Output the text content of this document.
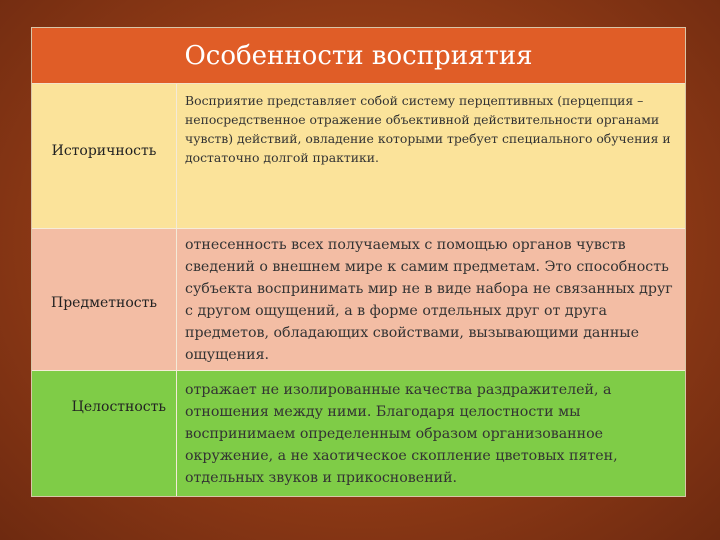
Особенности восприятия
Историчность
Восприятие представляет собой систему перцептивных (перцепция – непосредственное отражение объективной действительности органами чувств) действий, овладение которыми требует специального обучения и достаточно долгой практики.
Предметность
отнесенность всех получаемых с помощью органов чувств сведений о внешнем мире к самим предметам. Это способность субъекта воспринимать мир не в виде набора не связанных друг с другом ощущений, а в форме отдельных друг от друга предметов, обладающих свойствами, вызывающими данные ощущения.
Целостность
отражает не изолированные качества раздражителей, а отношения между ними. Благодаря целостности мы воспринимаем определенным образом организованное окружение, а не хаотическое скопление цветовых пятен, отдельных звуков и прикосновений.
